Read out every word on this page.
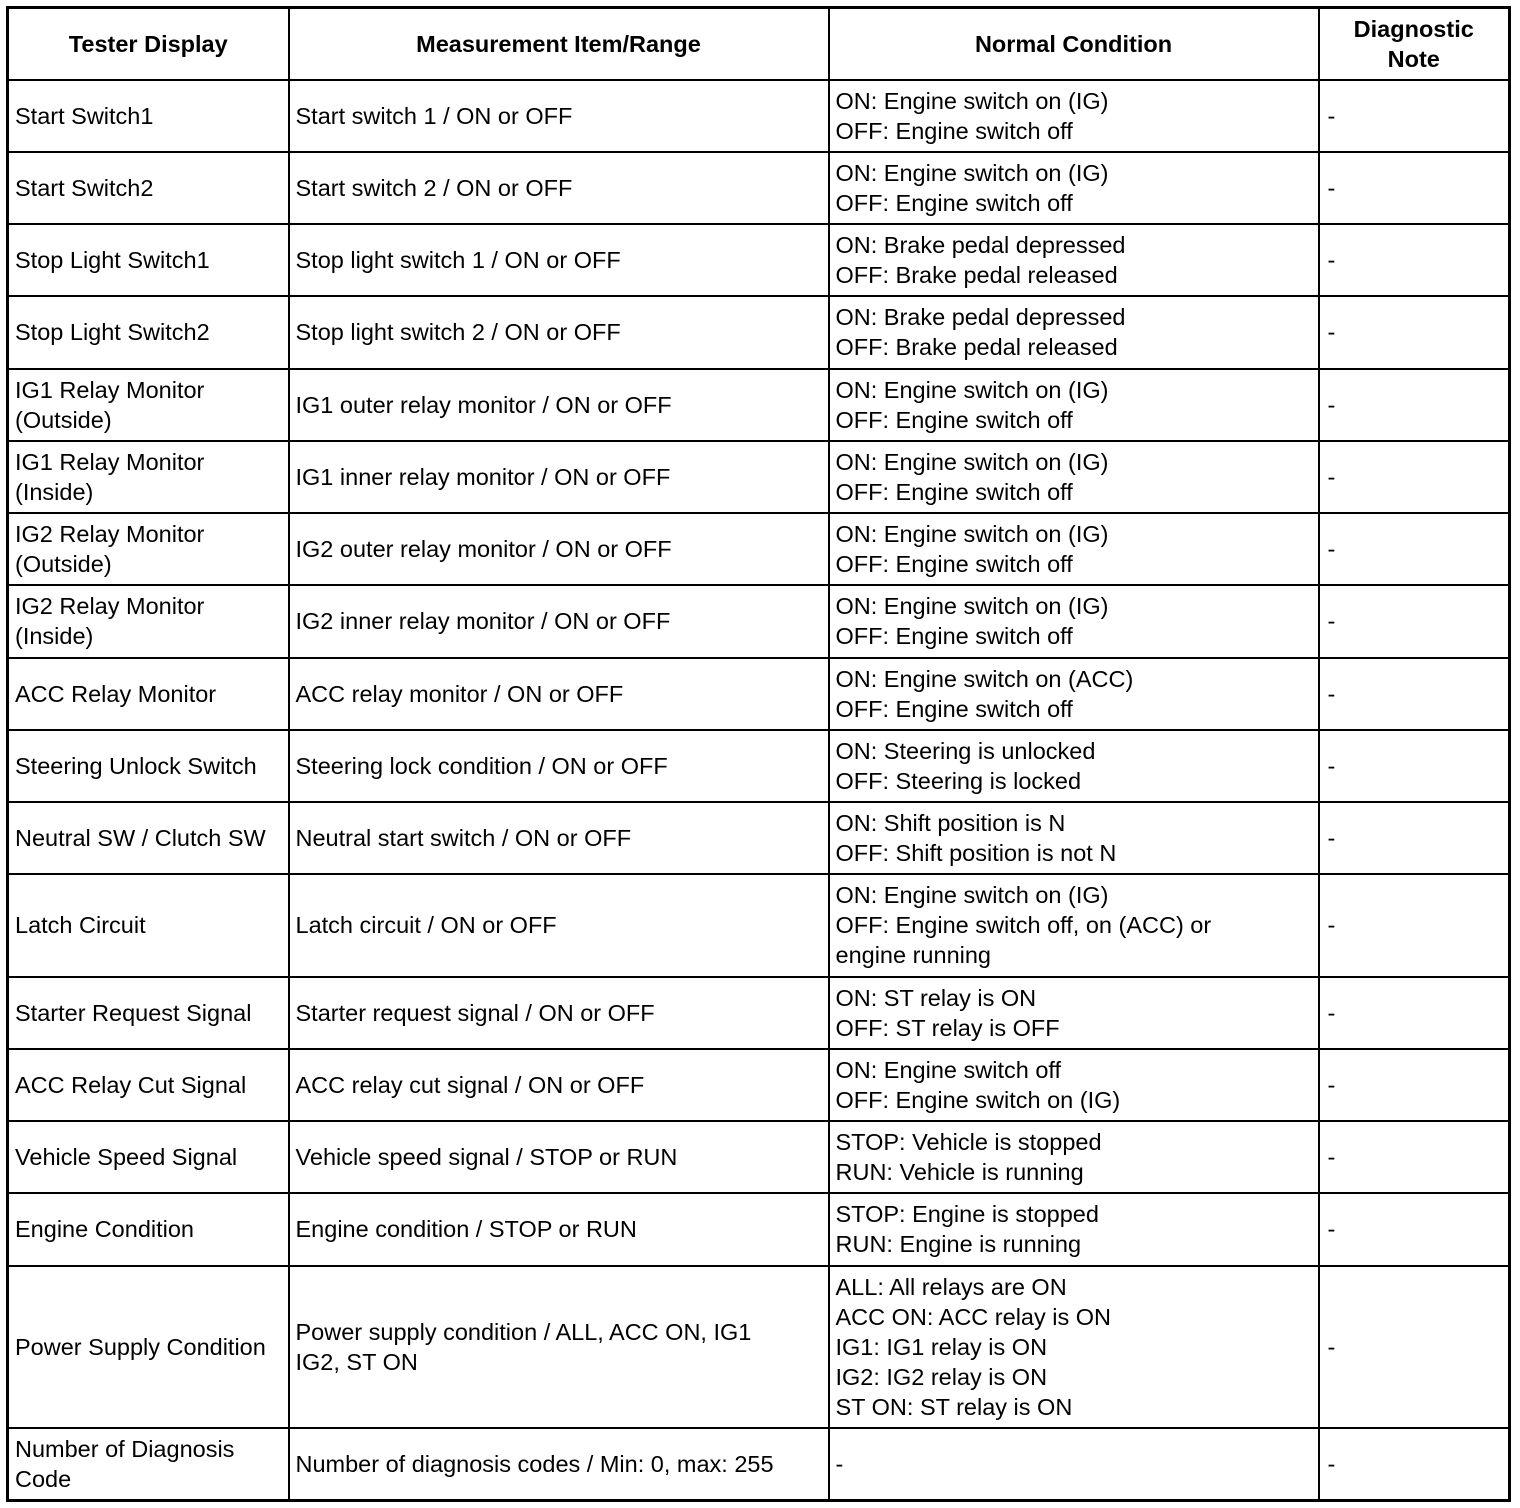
Tester Display	Measurement Item/Range	Normal Condition	Diagnostic
Note
Start Switch1	Start switch 1 / ON or OFF	ON: Engine switch on (IG)
OFF: Engine switch off	-
Start Switch2	Start switch 2 / ON or OFF	ON: Engine switch on (IG)
OFF: Engine switch off	-
Stop Light Switch1	Stop light switch 1 / ON or OFF	ON: Brake pedal depressed
OFF: Brake pedal released	-
Stop Light Switch2	Stop light switch 2 / ON or OFF	ON: Brake pedal depressed
OFF: Brake pedal released	-
IG1 Relay Monitor
(Outside)	IG1 outer relay monitor / ON or OFF	ON: Engine switch on (IG)
OFF: Engine switch off	-
IG1 Relay Monitor
(Inside)	IG1 inner relay monitor / ON or OFF	ON: Engine switch on (IG)
OFF: Engine switch off	-
IG2 Relay Monitor
(Outside)	IG2 outer relay monitor / ON or OFF	ON: Engine switch on (IG)
OFF: Engine switch off	-
IG2 Relay Monitor
(Inside)	IG2 inner relay monitor / ON or OFF	ON: Engine switch on (IG)
OFF: Engine switch off	-
ACC Relay Monitor	ACC relay monitor / ON or OFF	ON: Engine switch on (ACC)
OFF: Engine switch off	-
Steering Unlock Switch	Steering lock condition / ON or OFF	ON: Steering is unlocked
OFF: Steering is locked	-
Neutral SW / Clutch SW	Neutral start switch / ON or OFF	ON: Shift position is N
OFF: Shift position is not N	-
Latch Circuit	Latch circuit / ON or OFF	ON: Engine switch on (IG)
OFF: Engine switch off, on (ACC) or
engine running	-
Starter Request Signal	Starter request signal / ON or OFF	ON: ST relay is ON
OFF: ST relay is OFF	-
ACC Relay Cut Signal	ACC relay cut signal / ON or OFF	ON: Engine switch off
OFF: Engine switch on (IG)	-
Vehicle Speed Signal	Vehicle speed signal / STOP or RUN	STOP: Vehicle is stopped
RUN: Vehicle is running	-
Engine Condition	Engine condition / STOP or RUN	STOP: Engine is stopped
RUN: Engine is running	-
Power Supply Condition	Power supply condition / ALL, ACC ON, IG1
IG2, ST ON	ALL: All relays are ON
ACC ON: ACC relay is ON
IG1: IG1 relay is ON
IG2: IG2 relay is ON
ST ON: ST relay is ON	-
Number of Diagnosis
Code	Number of diagnosis codes / Min: 0, max: 255	-	-
